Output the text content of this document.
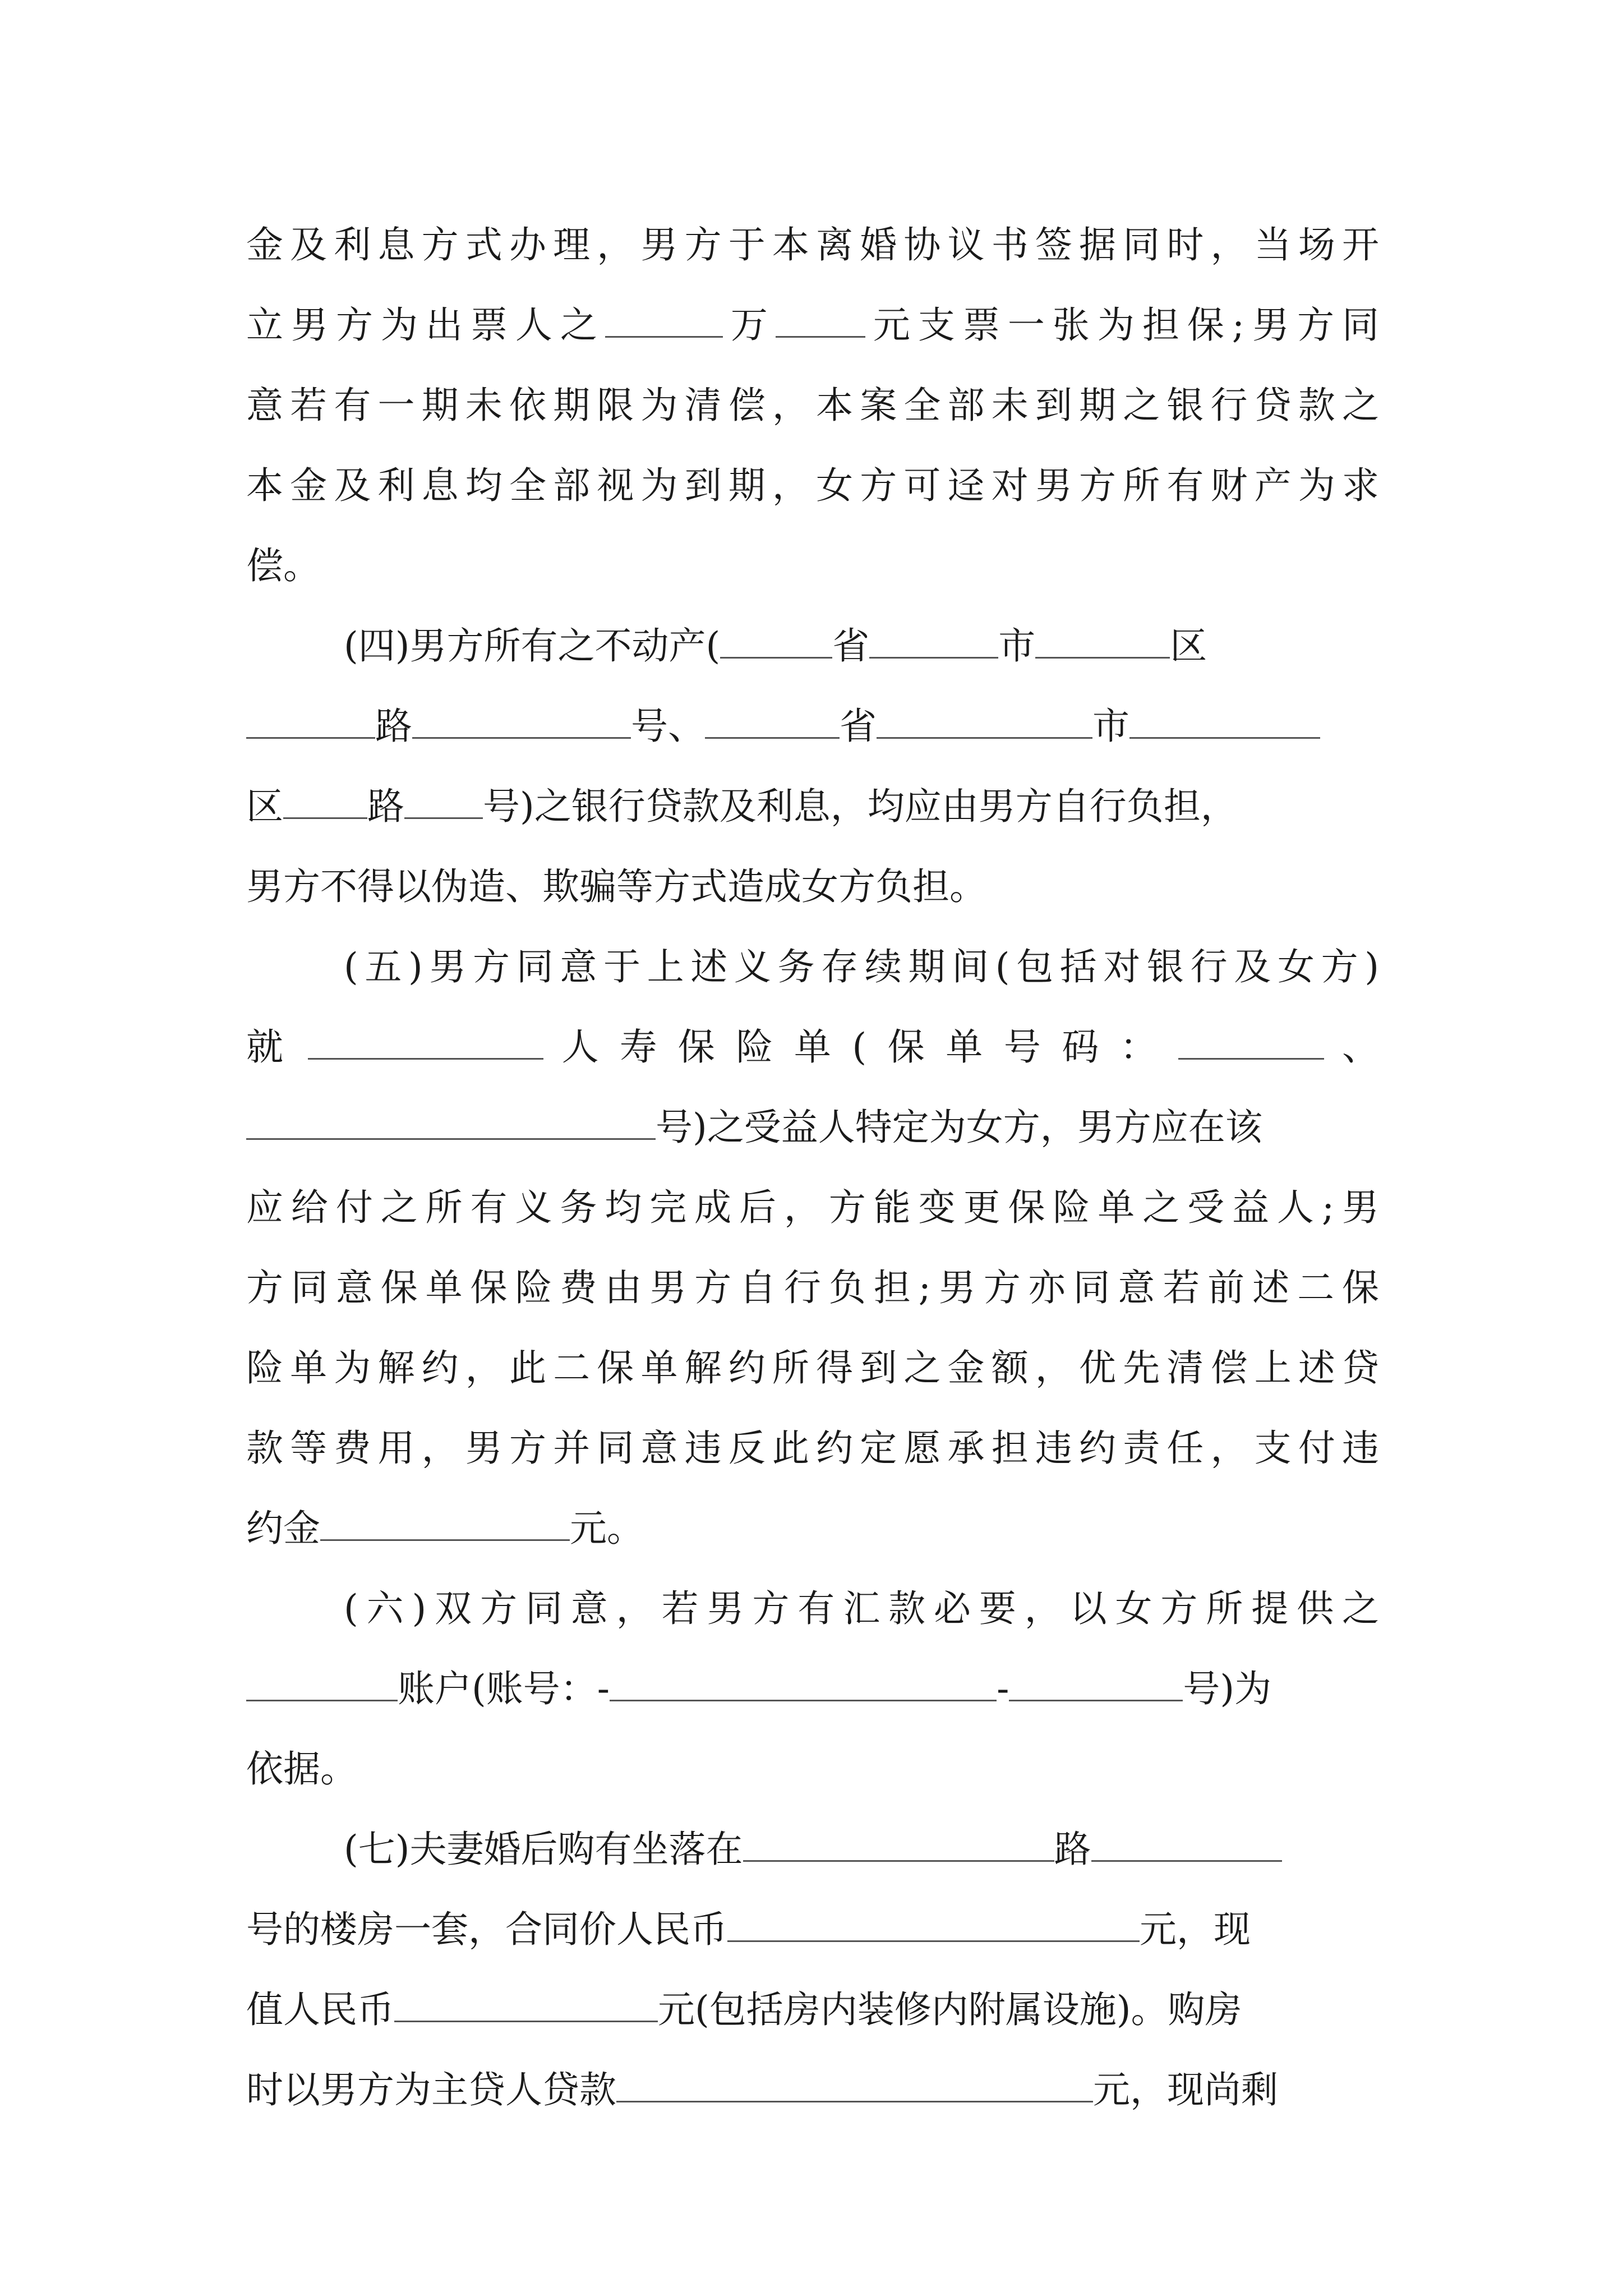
金及利息方式办理，男方于本离婚协议书签据同时，当场开
立男方为出票人之	万 元支票一张为担保;男方同
意若有一期未依期限为清偿，本案全部未到期之银行贷款之
本金及利息均全部视为到期，女方可迳对男方所有财产为求
偿。
(四)男方所有之不动产(	省	市	区
路	号、	省	市
区 路 号)之银行贷款及利息，均应由男方自行负担，
男方不得以伪造、欺骗等方式造成女方负担。
(五)男方同意于上述义务存续期间(包括对银行及女方)
就	人寿保险单(保单号码：	、
号)之受益人特定为女方，男方应在该
应给付之所有义务均完成后，方能变更保险单之受益人;男
方同意保单保险费由男方自行负担;男方亦同意若前述二保
险单为解约，此二保单解约所得到之金额，优先清偿上述贷
款等费用，男方并同意违反此约定愿承担违约责任，支付违
约金	元。
(六)双方同意，若男方有汇款必要，以女方所提供之
账户(账号：-	-	号)为
依据。
(七)夫妻婚后购有坐落在	路
号的楼房一套，合同价人民币	元，现
值人民币	元(包括房内装修内附属设施)。购房
时以男方为主贷人贷款	元，现尚剩
